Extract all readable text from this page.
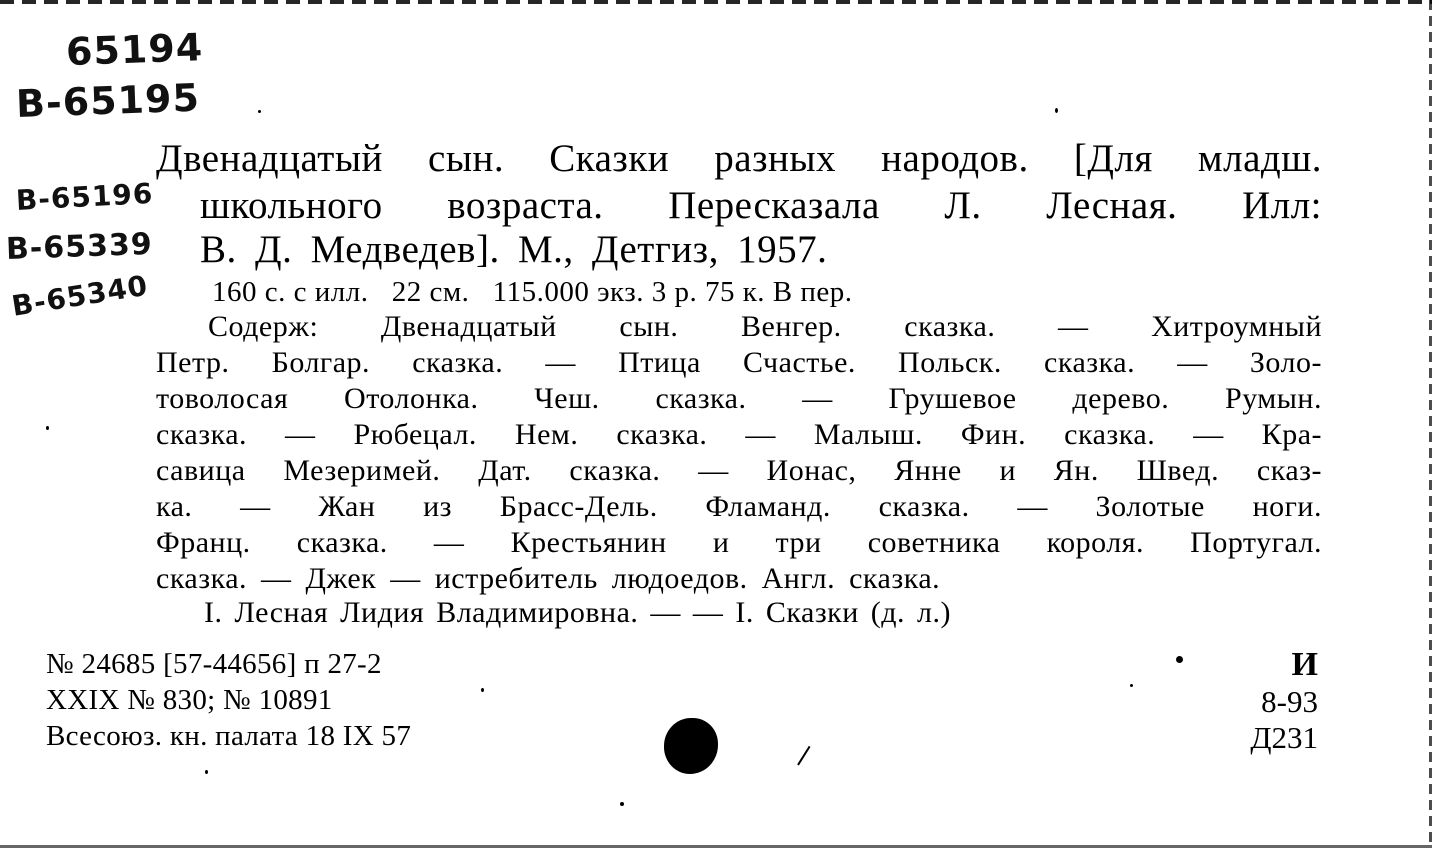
65194
B-65195
B-65196
B-65339
B-65340
Двенадцатый сын. Сказки разных народов. [Для младш.
школьного возраста. Пересказала Л. Лесная. Илл:
В. Д. Медведев]. М., Детгиз, 1957.
160 с. с илл.   22 см.   115.000 экз. 3 р. 75 к. В пер.
Содерж: Двенадцатый сын. Венгер. сказка. — Хитроумный
Петр. Болгар. сказка. — Птица Счастье. Польск. сказка. — Золо-
товолосая Отолонка. Чеш. сказка. — Грушевое дерево. Румын.
сказка. — Рюбецал. Нем. сказка. — Малыш. Фин. сказка. — Кра-
савица Мезеримей. Дат. сказка. — Ионас, Янне и Ян. Швед. сказ-
ка. — Жан из Брасс-Дель. Фламанд. сказка. — Золотые ноги.
Франц. сказка. — Крестьянин и три советника короля. Португал.
сказка. — Джек — истребитель людоедов. Англ. сказка.
I. Лесная Лидия Владимировна. — — I. Сказки (д. л.)
№ 24685 [57-44656] п 27-2
XXIX № 830; № 10891
Всесоюз. кн. палата 18 IX 57
И
8-93
Д231
